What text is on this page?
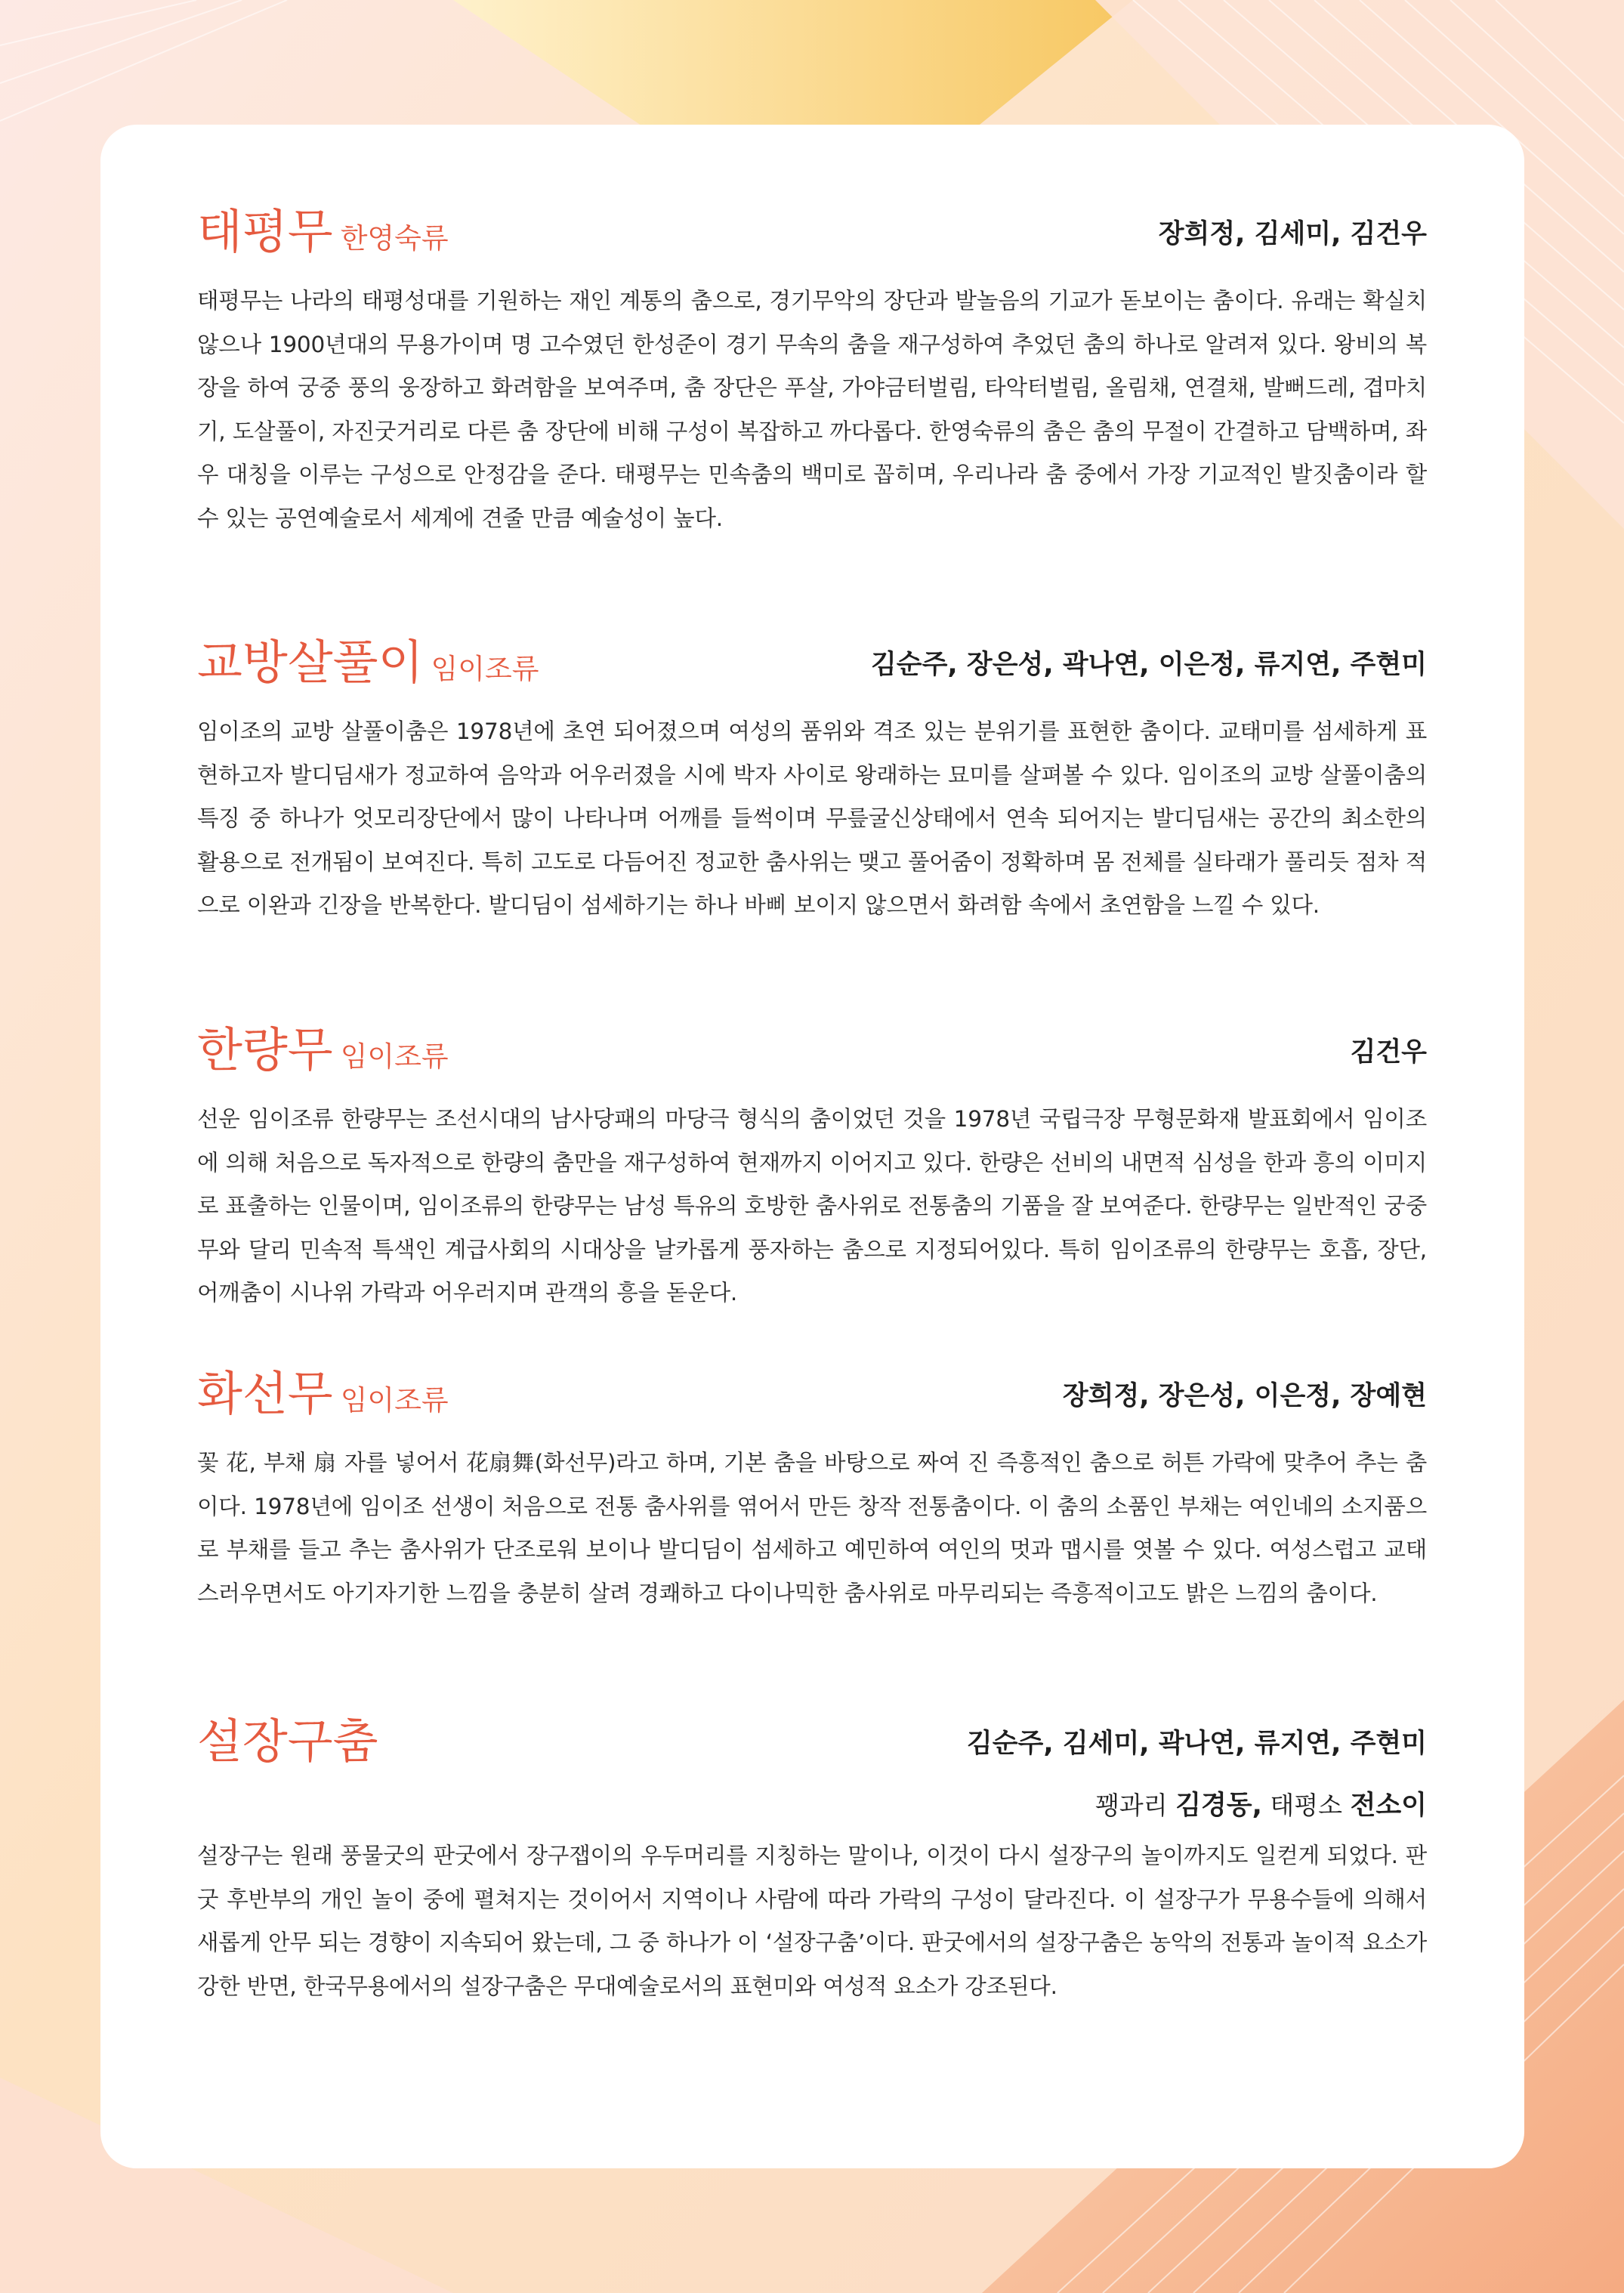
태평무 한영숙류	장희정, 김세미, 김건우
태평무는 나라의 태평성대를 기원하는 재인 계통의 춤으로, 경기무악의 장단과 발놀음의 기교가 돋보이는 춤이다. 유래는 확실치 않으나 1900년대의 무용가이며 명 고수였던 한성준이 경기 무속의 춤을 재구성하여 추었던 춤의 하나로 알려져 있다. 왕비의 복장을 하여 궁중 풍의 웅장하고 화려함을 보여주며, 춤 장단은 푸살, 가야금터벌림, 타악터벌림, 올림채, 연결채, 발뻐드레, 겹마치기, 도살풀이, 자진굿거리로 다른 춤 장단에 비해 구성이 복잡하고 까다롭다. 한영숙류의 춤은 춤의 무절이 간결하고 담백하며, 좌우 대칭을 이루는 구성으로 안정감을 준다. 태평무는 민속춤의 백미로 꼽히며, 우리나라 춤 중에서 가장 기교적인 발짓춤이라 할 수 있는 공연예술로서 세계에 견줄 만큼 예술성이 높다.
교방살풀이 임이조류	김순주, 장은성, 곽나연, 이은정, 류지연, 주현미
임이조의 교방 살풀이춤은 1978년에 초연 되어졌으며 여성의 품위와 격조 있는 분위기를 표현한 춤이다. 교태미를 섬세하게 표현하고자 발디딤새가 정교하여 음악과 어우러졌을 시에 박자 사이로 왕래하는 묘미를 살펴볼 수 있다. 임이조의 교방 살풀이춤의 특징 중 하나가 엇모리장단에서 많이 나타나며 어깨를 들썩이며 무릎굴신상태에서 연속 되어지는 발디딤새는 공간의 최소한의 활용으로 전개됨이 보여진다. 특히 고도로 다듬어진 정교한 춤사위는 맺고 풀어줌이 정확하며 몸 전체를 실타래가 풀리듯 점차 적으로 이완과 긴장을 반복한다. 발디딤이 섬세하기는 하나 바삐 보이지 않으면서 화려함 속에서 초연함을 느낄 수 있다.
한량무 임이조류	김건우
선운 임이조류 한량무는 조선시대의 남사당패의 마당극 형식의 춤이었던 것을 1978년 국립극장 무형문화재 발표회에서 임이조에 의해 처음으로 독자적으로 한량의 춤만을 재구성하여 현재까지 이어지고 있다. 한량은 선비의 내면적 심성을 한과 흥의 이미지로 표출하는 인물이며, 임이조류의 한량무는 남성 특유의 호방한 춤사위로 전통춤의 기품을 잘 보여준다. 한량무는 일반적인 궁중무와 달리 민속적 특색인 계급사회의 시대상을 날카롭게 풍자하는 춤으로 지정되어있다. 특히 임이조류의 한량무는 호흡, 장단, 어깨춤이 시나위 가락과 어우러지며 관객의 흥을 돋운다.
화선무 임이조류	장희정, 장은성, 이은정, 장예현
꽃 花, 부채 扇 자를 넣어서 花扇舞(화선무)라고 하며, 기본 춤을 바탕으로 짜여 진 즉흥적인 춤으로 허튼 가락에 맞추어 추는 춤이다. 1978년에 임이조 선생이 처음으로 전통 춤사위를 엮어서 만든 창작 전통춤이다. 이 춤의 소품인 부채는 여인네의 소지품으로 부채를 들고 추는 춤사위가 단조로워 보이나 발디딤이 섬세하고 예민하여 여인의 멋과 맵시를 엿볼 수 있다. 여성스럽고 교태스러우면서도 아기자기한 느낌을 충분히 살려 경쾌하고 다이나믹한 춤사위로 마무리되는 즉흥적이고도 밝은 느낌의 춤이다.
설장구춤	김순주, 김세미, 곽나연, 류지연, 주현미
꽹과리 김경동, 태평소 전소이
설장구는 원래 풍물굿의 판굿에서 장구잽이의 우두머리를 지칭하는 말이나, 이것이 다시 설장구의 놀이까지도 일컫게 되었다. 판굿 후반부의 개인 놀이 중에 펼쳐지는 것이어서 지역이나 사람에 따라 가락의 구성이 달라진다. 이 설장구가 무용수들에 의해서 새롭게 안무 되는 경향이 지속되어 왔는데, 그 중 하나가 이 ‘설장구춤’이다. 판굿에서의 설장구춤은 농악의 전통과 놀이적 요소가 강한 반면, 한국무용에서의 설장구춤은 무대예술로서의 표현미와 여성적 요소가 강조된다.
